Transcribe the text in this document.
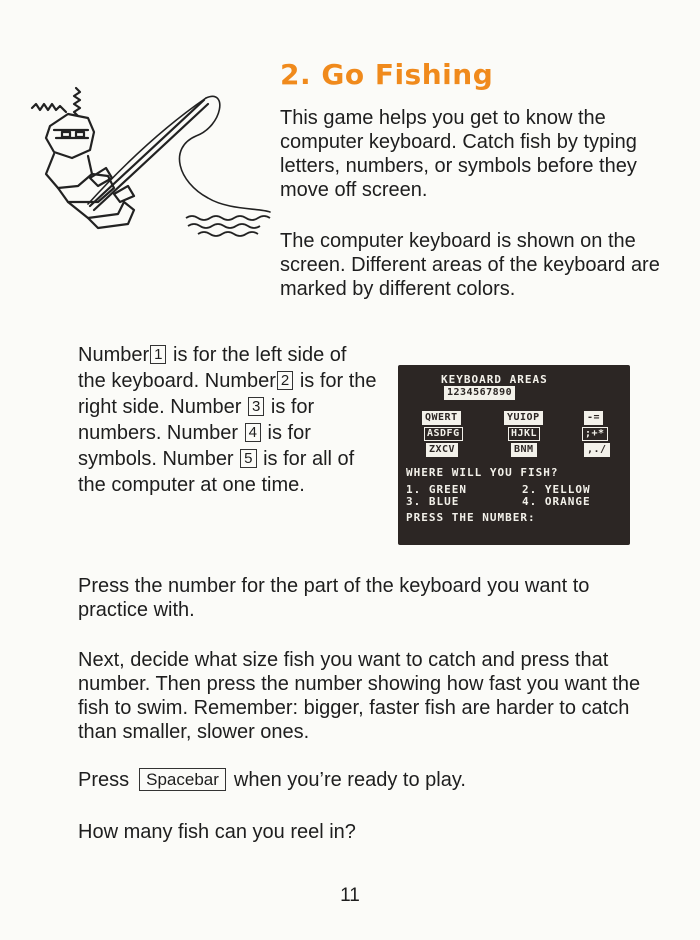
2. Go Fishing

This game helps you get to know the computer keyboard. Catch fish by typing letters, numbers, or symbols before they move off screen.

The computer keyboard is shown on the screen. Different areas of the keyboard are marked by different colors.

Number 1 is for the left side of the keyboard. Number 2 is for the right side. Number 3 is for numbers. Number 4 is for symbols. Number 5 is for all of the computer at one time.
KEYBOARD AREAS
1234567890
QWERT	YUIOP	-=
ASDFG	HJKL	;+*
ZXCV	BNM	,./
WHERE WILL YOU FISH?
1. GREEN	2. YELLOW
3. BLUE	4. ORANGE
PRESS THE NUMBER:

Press the number for the part of the keyboard you want to practice with.

Next, decide what size fish you want to catch and press that number. Then press the number showing how fast you want the fish to swim. Remember: bigger, faster fish are harder to catch than smaller, slower ones.

Press Spacebar when you’re ready to play.

How many fish can you reel in?

11
